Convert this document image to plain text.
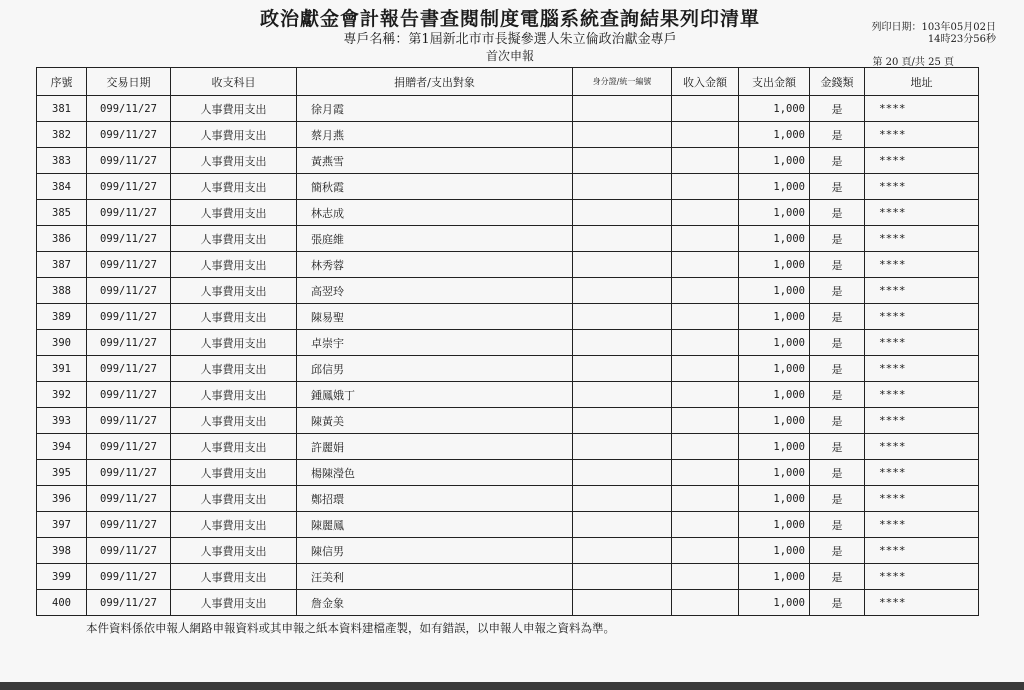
政治獻金會計報告書查閱制度電腦系統查詢結果列印清單
專戶名稱：第1屆新北市市長擬參選人朱立倫政治獻金專戶
首次申報
列印日期：103年05月02日
14時23分56秒
第 20 頁/共 25 頁
序號	交易日期	收支科目	捐贈者/支出對象	身分證/統一編號	收入金額	支出金額	金錢類	地址
381	099/11/27	人事費用支出	徐月霞			1,000	是	****
382	099/11/27	人事費用支出	蔡月燕			1,000	是	****
383	099/11/27	人事費用支出	黃燕雪			1,000	是	****
384	099/11/27	人事費用支出	簡秋霞			1,000	是	****
385	099/11/27	人事費用支出	林志成			1,000	是	****
386	099/11/27	人事費用支出	張庭維			1,000	是	****
387	099/11/27	人事費用支出	林秀蓉			1,000	是	****
388	099/11/27	人事費用支出	高翌玲			1,000	是	****
389	099/11/27	人事費用支出	陳易聖			1,000	是	****
390	099/11/27	人事費用支出	卓崇宇			1,000	是	****
391	099/11/27	人事費用支出	邱信男			1,000	是	****
392	099/11/27	人事費用支出	鍾鳳娥丁			1,000	是	****
393	099/11/27	人事費用支出	陳黃美			1,000	是	****
394	099/11/27	人事費用支出	許麗娟			1,000	是	****
395	099/11/27	人事費用支出	楊陳瀅色			1,000	是	****
396	099/11/27	人事費用支出	鄭招環			1,000	是	****
397	099/11/27	人事費用支出	陳麗鳳			1,000	是	****
398	099/11/27	人事費用支出	陳信男			1,000	是	****
399	099/11/27	人事費用支出	汪美利			1,000	是	****
400	099/11/27	人事費用支出	詹金象			1,000	是	****
本件資料係依申報人網路申報資料或其申報之紙本資料建檔產製，如有錯誤，以申報人申報之資料為準。
